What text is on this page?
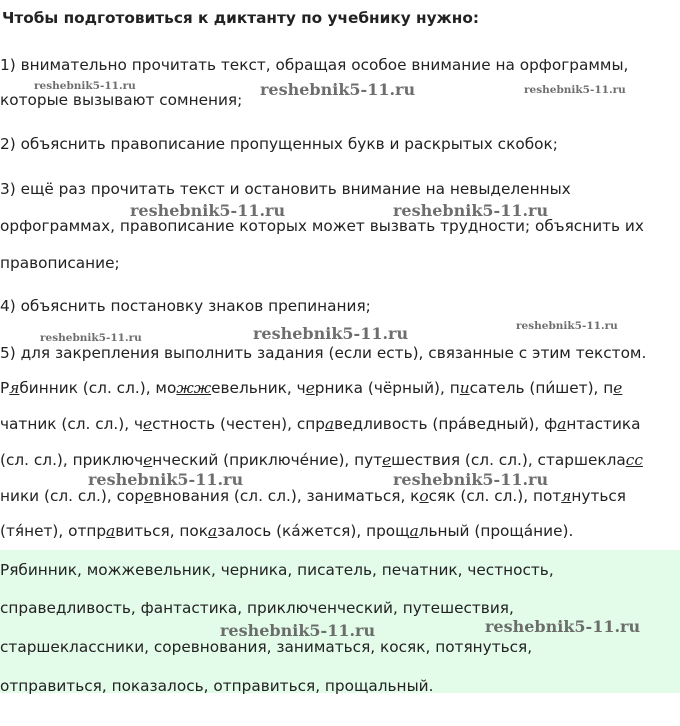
Чтобы подготовиться к диктанту по учебнику нужно:
1) внимательно прочитать текст, обращая особое внимание на орфограммы,
которые вызывают сомнения;
2) объяснить правописание пропущенных букв и раскрытых скобок;
3) ещё раз прочитать текст и остановить внимание на невыделенных
орфограммах, правописание которых может вызвать трудности; объяснить их
правописание;
4) объяснить постановку знаков препинания;
5) для закрепления выполнить задания (если есть), связанные с этим текстом.
Рябинник (сл. сл.), можжевельник, черника (чёрный), писатель (пи́шет), пе
чатник (сл. сл.), честность (честен), справедливость (пра́ведный), фантастика
(сл. сл.), приключенческий (приключе́ние), путешествия (сл. сл.), старшекласс
ники (сл. сл.), соревнования (сл. сл.), заниматься, косяк (сл. сл.), потянуться
(тя́нет), отправиться, показалось (ка́жется), прощальный (проща́ние).
Рябинник, можжевельник, черника, писатель, печатник, честность,
справедливость, фантастика, приключенческий, путешествия,
старшеклассники, соревнования, заниматься, косяк, потянуться,
отправиться, показалось, отправиться, прощальный.
reshebnik5-11.ru	reshebnik5-11.ru	reshebnik5-11.ru
reshebnik5-11.ru	reshebnik5-11.ru
reshebnik5-11.ru	reshebnik5-11.ru	reshebnik5-11.ru
reshebnik5-11.ru	reshebnik5-11.ru
reshebnik5-11.ru	reshebnik5-11.ru
